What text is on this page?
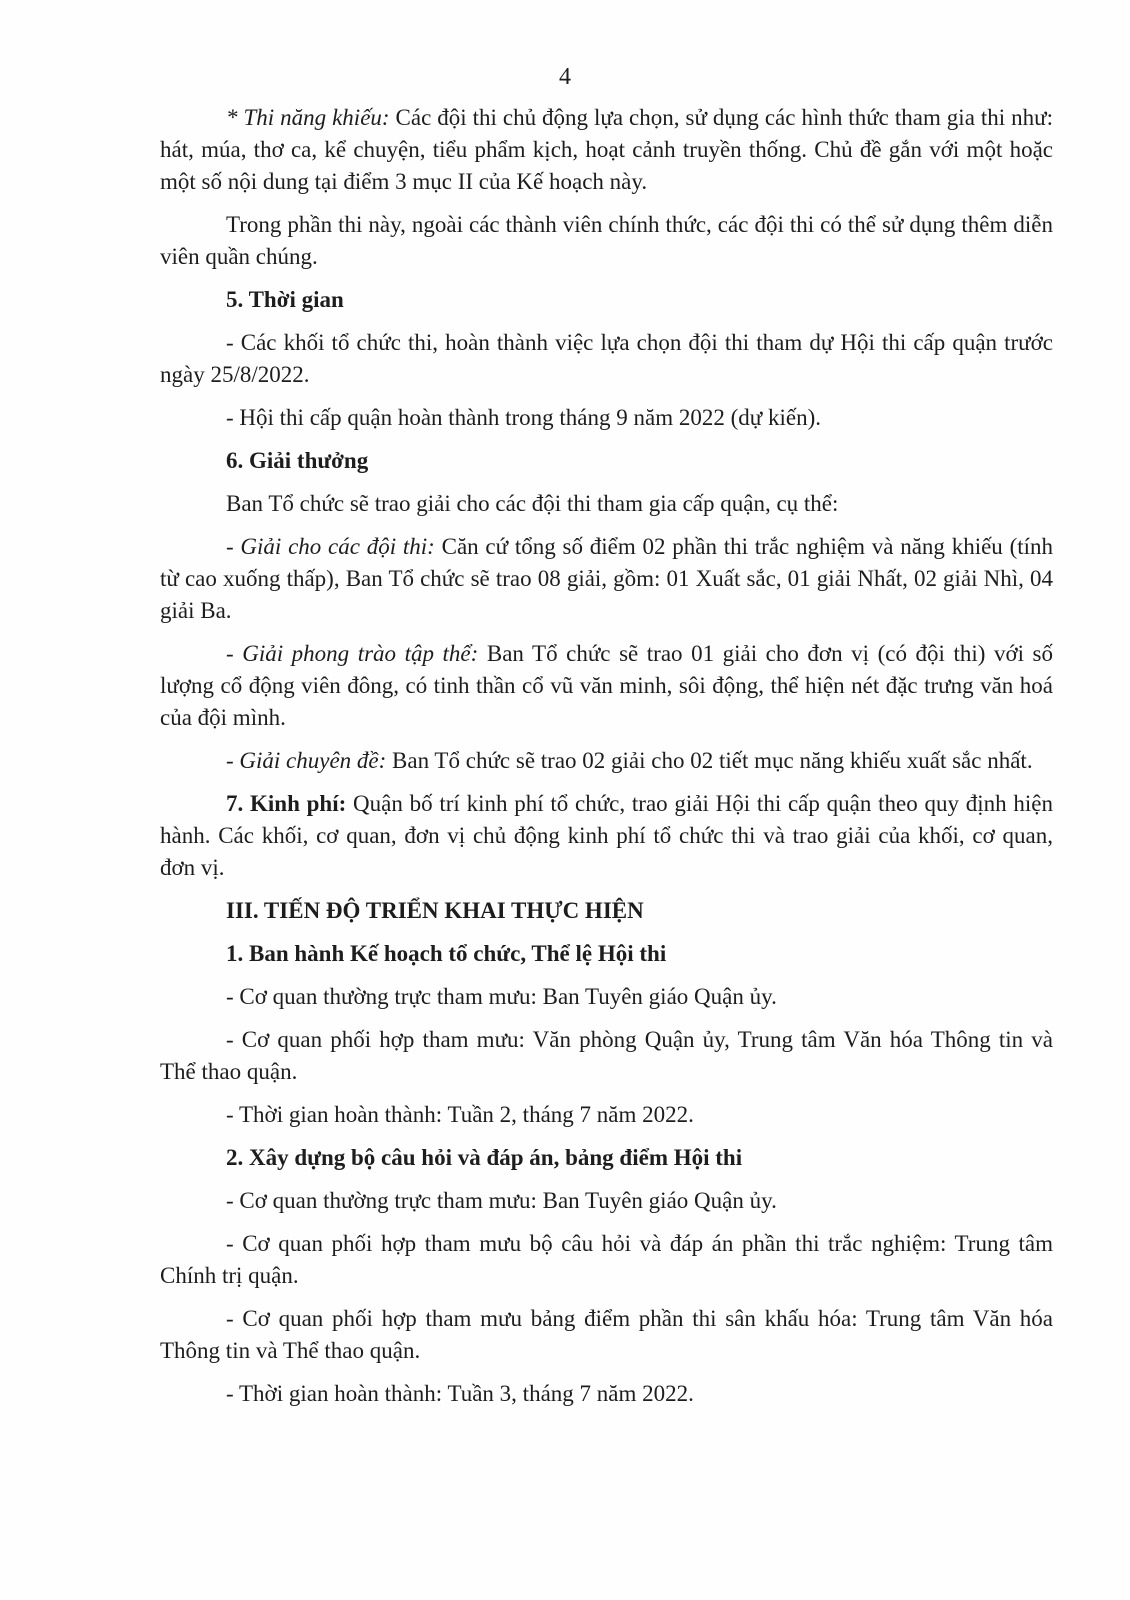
4

* Thi năng khiếu: Các đội thi chủ động lựa chọn, sử dụng các hình thức tham gia thi như: hát, múa, thơ ca, kể chuyện, tiểu phẩm kịch, hoạt cảnh truyền thống. Chủ đề gắn với một hoặc một số nội dung tại điểm 3 mục II của Kế hoạch này.

Trong phần thi này, ngoài các thành viên chính thức, các đội thi có thể sử dụng thêm diễn viên quần chúng.

5. Thời gian

- Các khối tổ chức thi, hoàn thành việc lựa chọn đội thi tham dự Hội thi cấp quận trước ngày 25/8/2022.

- Hội thi cấp quận hoàn thành trong tháng 9 năm 2022 (dự kiến).

6. Giải thưởng

Ban Tổ chức sẽ trao giải cho các đội thi tham gia cấp quận, cụ thể:

- Giải cho các đội thi: Căn cứ tổng số điểm 02 phần thi trắc nghiệm và năng khiếu (tính từ cao xuống thấp), Ban Tổ chức sẽ trao 08 giải, gồm: 01 Xuất sắc, 01 giải Nhất, 02 giải Nhì, 04 giải Ba.

- Giải phong trào tập thể: Ban Tổ chức sẽ trao 01 giải cho đơn vị (có đội thi) với số lượng cổ động viên đông, có tinh thần cổ vũ văn minh, sôi động, thể hiện nét đặc trưng văn hoá của đội mình.

- Giải chuyên đề: Ban Tổ chức sẽ trao 02 giải cho 02 tiết mục năng khiếu xuất sắc nhất.

7. Kinh phí: Quận bố trí kinh phí tổ chức, trao giải Hội thi cấp quận theo quy định hiện hành. Các khối, cơ quan, đơn vị chủ động kinh phí tổ chức thi và trao giải của khối, cơ quan, đơn vị.

III. TIẾN ĐỘ TRIỂN KHAI THỰC HIỆN
1. Ban hành Kế hoạch tổ chức, Thể lệ Hội thi

- Cơ quan thường trực tham mưu: Ban Tuyên giáo Quận ủy.

- Cơ quan phối hợp tham mưu: Văn phòng Quận ủy, Trung tâm Văn hóa Thông tin và Thể thao quận.

- Thời gian hoàn thành: Tuần 2, tháng 7 năm 2022.

2. Xây dựng bộ câu hỏi và đáp án, bảng điểm Hội thi

- Cơ quan thường trực tham mưu: Ban Tuyên giáo Quận ủy.

- Cơ quan phối hợp tham mưu bộ câu hỏi và đáp án phần thi trắc nghiệm: Trung tâm Chính trị quận.

- Cơ quan phối hợp tham mưu bảng điểm phần thi sân khấu hóa: Trung tâm Văn hóa Thông tin và Thể thao quận.

- Thời gian hoàn thành: Tuần 3, tháng 7 năm 2022.
